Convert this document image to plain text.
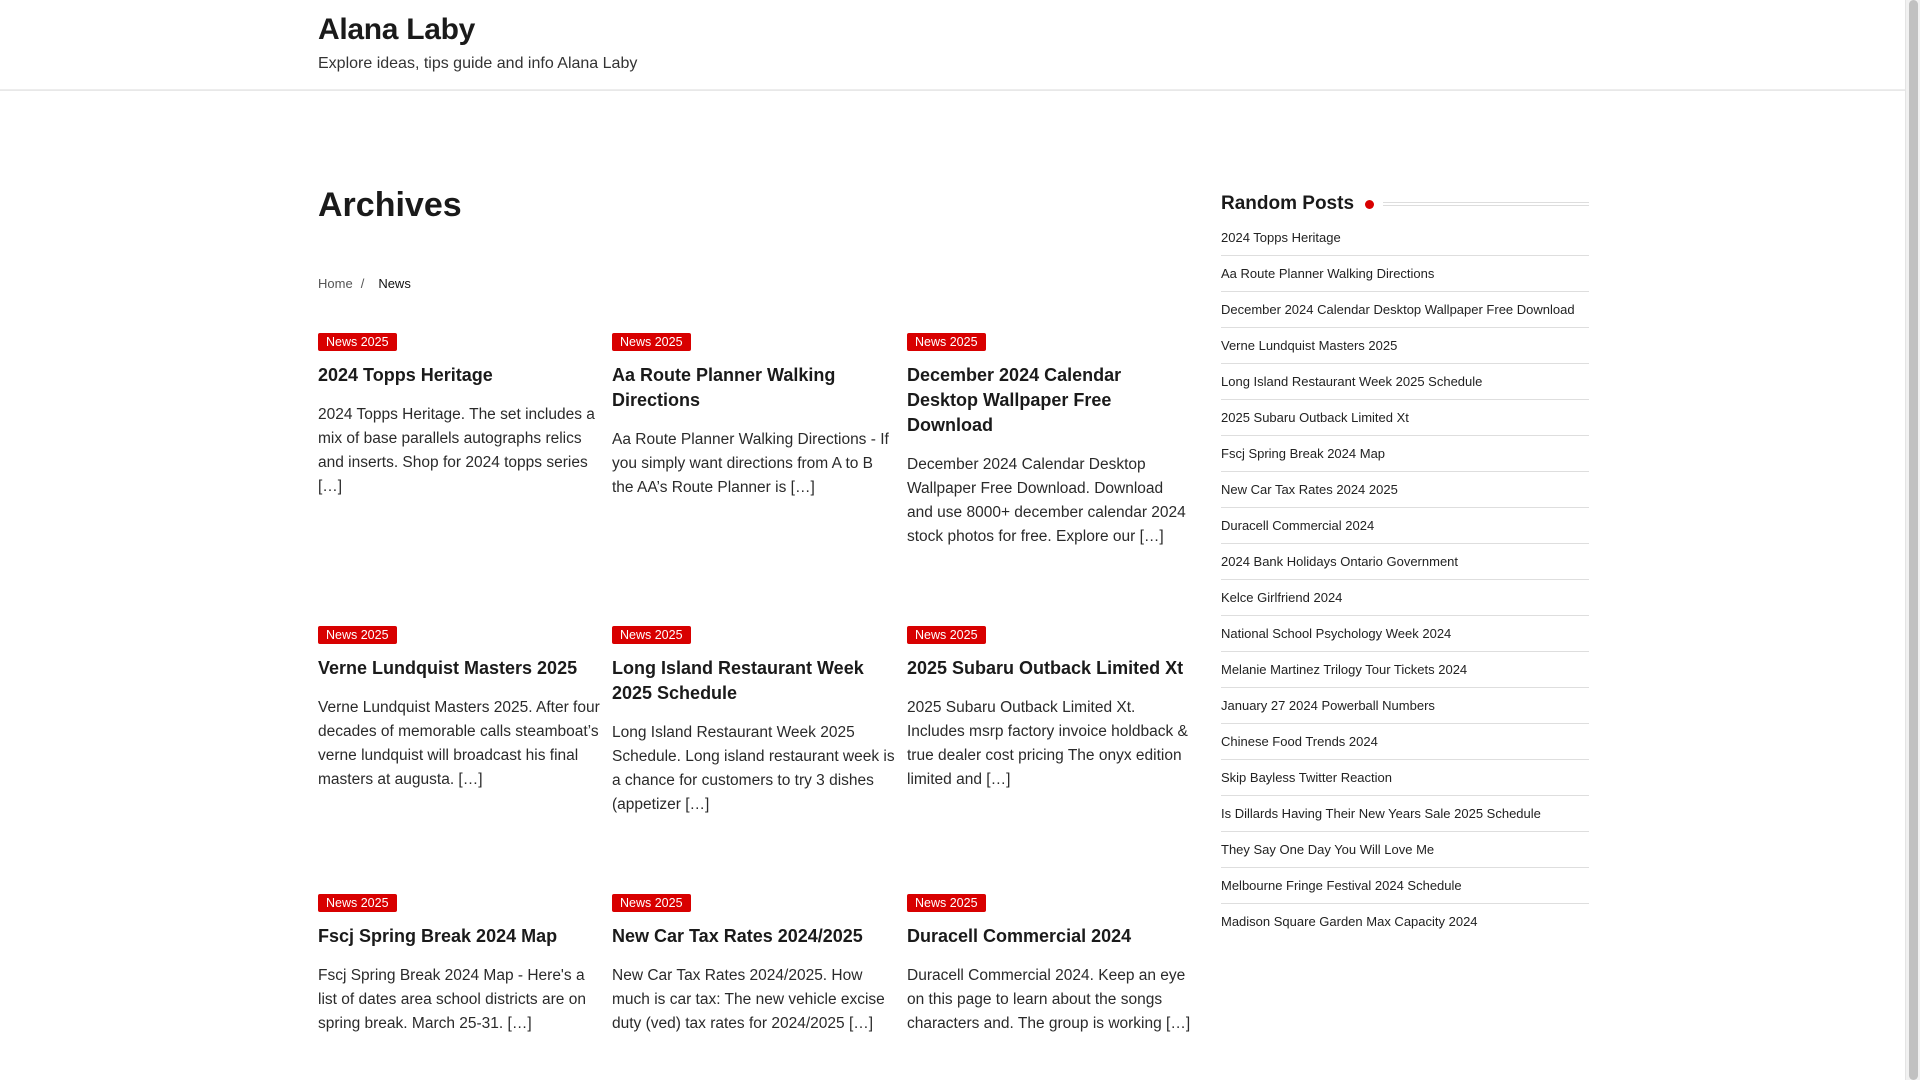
Alana Laby
Explore ideas, tips guide and info Alana Laby
Archives
Home / News
News 2025
2024 Topps Heritage

2024 Topps Heritage. The set includes a mix of base parallels autographs relics and inserts. Shop for 2024 topps series […]

News 2025
Aa Route Planner Walking Directions

Aa Route Planner Walking Directions - If you simply want directions from A to B the AA’s Route Planner is […]

News 2025
December 2024 Calendar Desktop Wallpaper Free Download

December 2024 Calendar Desktop Wallpaper Free Download. Download and use 8000+ december calendar 2024 stock photos for free. Explore our […]

News 2025
Verne Lundquist Masters 2025

Verne Lundquist Masters 2025. After four decades of memorable calls steamboat’s verne lundquist will broadcast his final masters at augusta. […]

News 2025
Long Island Restaurant Week 2025 Schedule

Long Island Restaurant Week 2025 Schedule. Long island restaurant week is a chance for customers to try 3 dishes (appetizer […]

News 2025
2025 Subaru Outback Limited Xt

2025 Subaru Outback Limited Xt. Includes msrp factory invoice holdback & true dealer cost pricing The onyx edition limited and […]

News 2025
Fscj Spring Break 2024 Map

Fscj Spring Break 2024 Map - Here's a list of dates area school districts are on spring break. March 25-31. […]

News 2025
New Car Tax Rates 2024/2025

New Car Tax Rates 2024/2025. How much is car tax: The new vehicle excise duty (ved) tax rates for 2024/2025 […]

News 2025
Duracell Commercial 2024

Duracell Commercial 2024. Keep an eye on this page to learn about the songs characters and. The group is working […]

Random Posts
2024 Topps Heritage
Aa Route Planner Walking Directions
December 2024 Calendar Desktop Wallpaper Free Download
Verne Lundquist Masters 2025
Long Island Restaurant Week 2025 Schedule
2025 Subaru Outback Limited Xt
Fscj Spring Break 2024 Map
New Car Tax Rates 2024 2025
Duracell Commercial 2024
2024 Bank Holidays Ontario Government
Kelce Girlfriend 2024
National School Psychology Week 2024
Melanie Martinez Trilogy Tour Tickets 2024
January 27 2024 Powerball Numbers
Chinese Food Trends 2024
Skip Bayless Twitter Reaction
Is Dillards Having Their New Years Sale 2025 Schedule
They Say One Day You Will Love Me
Melbourne Fringe Festival 2024 Schedule
Madison Square Garden Max Capacity 2024
